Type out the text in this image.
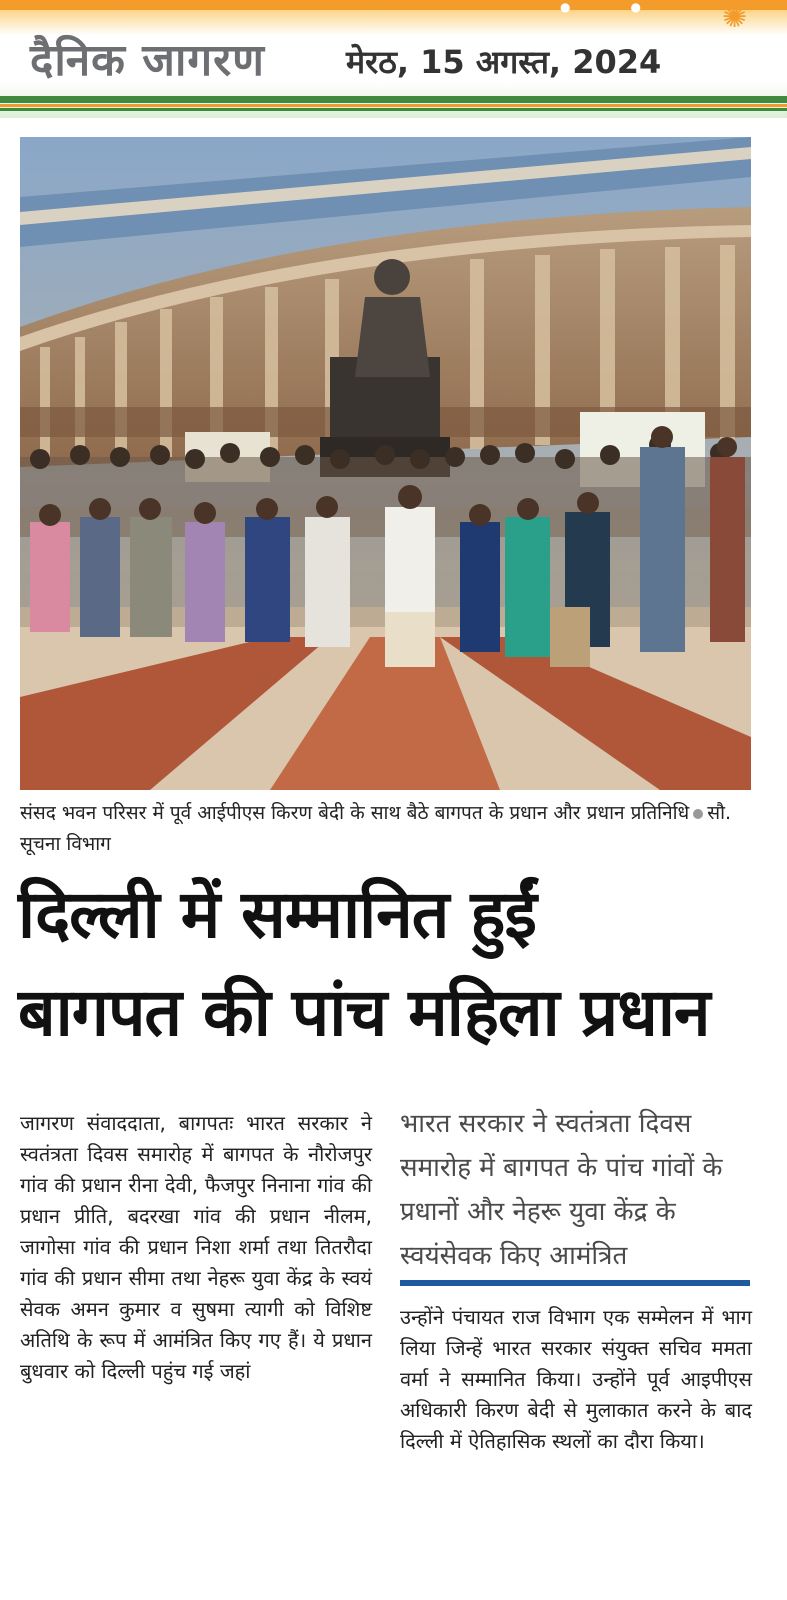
●● ✺
दैनिक जागरण	मेरठ, 15 अगस्त, 2024
संसद भवन परिसर में पूर्व आईपीएस किरण बेदी के साथ बैठे बागपत के प्रधान और प्रधान प्रतिनिधि सौ. सूचना विभाग
दिल्ली में सम्मानित हुईं
बागपत की पांच महिला प्रधान
जागरण संवाददाता, बागपतः भारत सरकार ने स्वतंत्रता दिवस समारोह में बागपत के नौरोजपुर गांव की प्रधान रीना देवी, फैजपुर निनाना गांव की प्रधान प्रीति, बदरखा गांव की प्रधान नीलम, जागोसा गांव की प्रधान निशा शर्मा तथा तितरौदा गांव की प्रधान सीमा तथा नेहरू युवा केंद्र के स्वयं सेवक अमन कुमार व सुषमा त्यागी को विशिष्ट अतिथि के रूप में आमंत्रित किए गए हैं। ये प्रधान बुधवार को दिल्ली पहुंच गई जहां
भारत सरकार ने स्वतंत्रता दिवस समारोह में बागपत के पांच गांवों के प्रधानों और नेहरू युवा केंद्र के स्वयंसेवक किए आमंत्रित
उन्होंने पंचायत राज विभाग एक सम्मेलन में भाग लिया जिन्हें भारत सरकार संयुक्त सचिव ममता वर्मा ने सम्मानित किया। उन्होंने पूर्व आइपीएस अधिकारी किरण बेदी से मुलाकात करने के बाद दिल्ली में ऐतिहासिक स्थलों का दौरा किया।
